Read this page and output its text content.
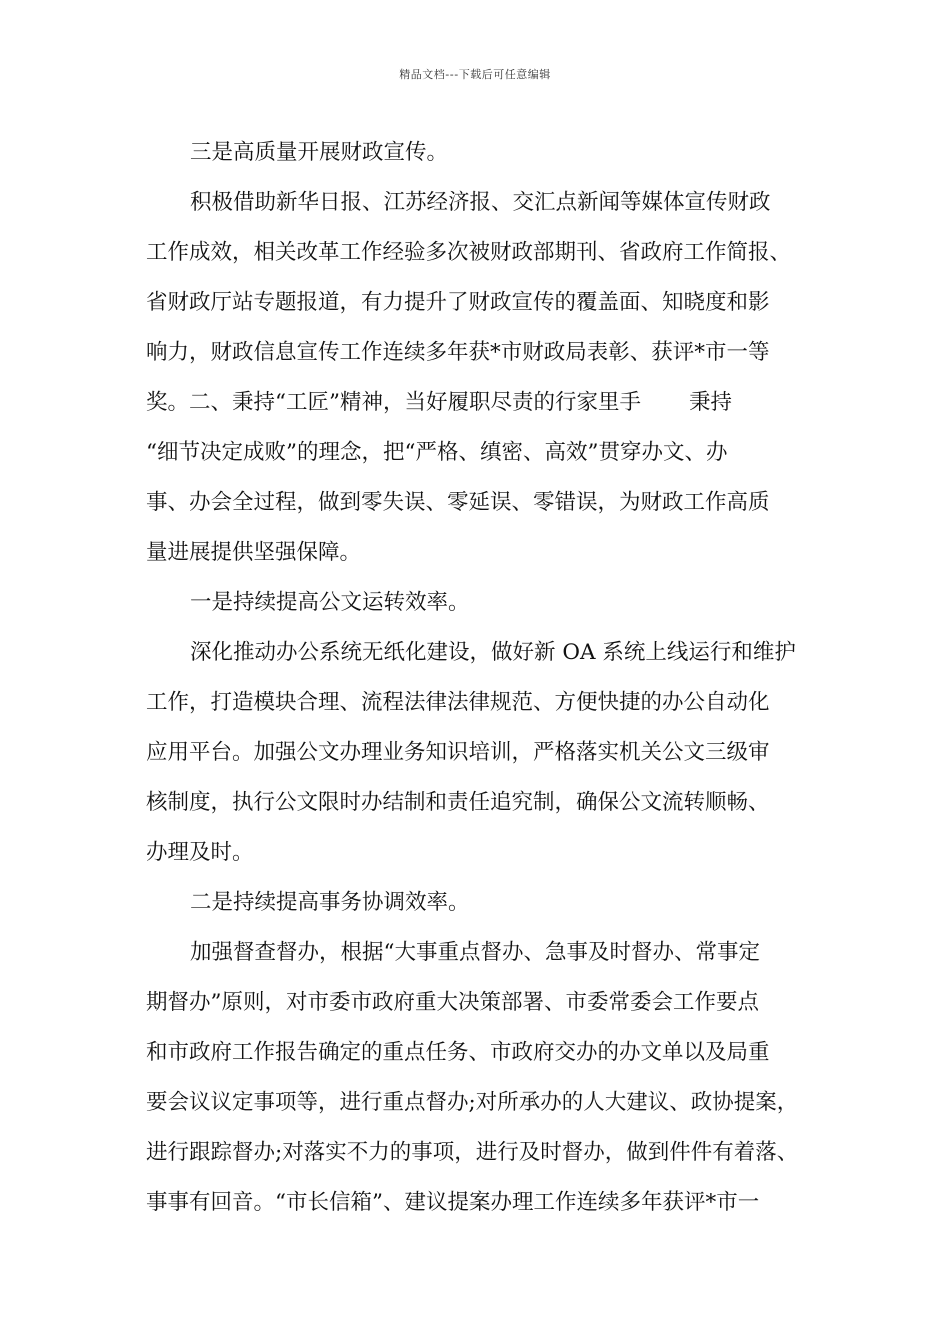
精品文档---下载后可任意编辑
三是高质量开展财政宣传。
积极借助新华日报、江苏经济报、交汇点新闻等媒体宣传财政
工作成效，相关改革工作经验多次被财政部期刊、省政府工作简报、
省财政厅站专题报道，有力提升了财政宣传的覆盖面、知晓度和影
响力，财政信息宣传工作连续多年获*市财政局表彰、获评*市一等
奖。二、秉持“工匠”精神，当好履职尽责的行家里手 秉持
“细节决定成败”的理念，把“严格、缜密、高效”贯穿办文、办
事、办会全过程，做到零失误、零延误、零错误，为财政工作高质
量进展提供坚强保障。
一是持续提高公文运转效率。
深化推动办公系统无纸化建设，做好新 OA 系统上线运行和维护
工作，打造模块合理、流程法律法律规范、方便快捷的办公自动化
应用平台。加强公文办理业务知识培训，严格落实机关公文三级审
核制度，执行公文限时办结制和责任追究制，确保公文流转顺畅、
办理及时。
二是持续提高事务协调效率。
加强督查督办，根据“大事重点督办、急事及时督办、常事定
期督办”原则，对市委市政府重大决策部署、市委常委会工作要点
和市政府工作报告确定的重点任务、市政府交办的办文单以及局重
要会议议定事项等，进行重点督办;对所承办的人大建议、政协提案，
进行跟踪督办;对落实不力的事项，进行及时督办，做到件件有着落、
事事有回音。“市长信箱”、建议提案办理工作连续多年获评*市一
